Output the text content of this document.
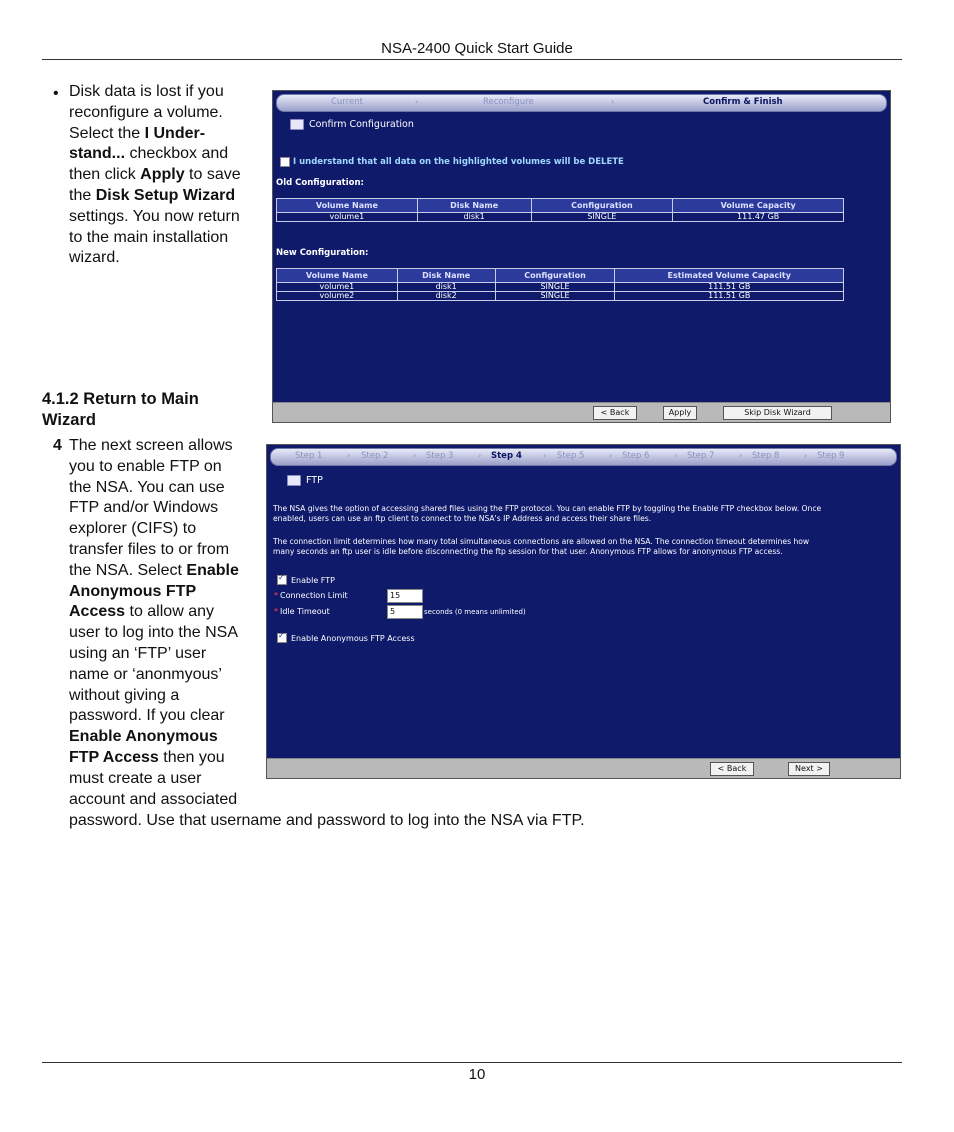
NSA-2400 Quick Start Guide
• Disk data is lost if you
reconfigure a volume.
Select the I Under-
stand... checkbox and
then click Apply to save
the Disk Setup Wizard
settings. You now return
to the main installation
wizard.
4.1.2 Return to Main
Wizard
4 The next screen allows
you to enable FTP on
the NSA. You can use
FTP and/or Windows
explorer (CIFS) to
transfer files to or from
the NSA. Select Enable
Anonymous FTP
Access to allow any
user to log into the NSA
using an ‘FTP’ user
name or ‘anonmyous’
without giving a
password. If you clear
Enable Anonymous
FTP Access then you
must create a user
account and associated
password. Use that username and password to log into the NSA via FTP.
Current	›	Reconfigure	›	Confirm & Finish
Confirm Configuration
I understand that all data on the highlighted volumes will be DELETE
Old Configuration:
Volume Name	Disk Name	Configuration	Volume Capacity
volume1	disk1	SINGLE	111.47 GB
New Configuration:
Volume Name	Disk Name	Configuration	Estimated Volume Capacity
volume1	disk1	SINGLE	111.51 GB
volume2	disk2	SINGLE	111.51 GB
< Back	Apply	Skip Disk Wizard
Step 1	› Step 2	› Step 3	› Step 4	› Step 5	› Step 6	› Step 7	› Step 8	› Step 9
FTP
The NSA gives the option of accessing shared files using the FTP protocol. You can enable FTP by toggling the Enable FTP checkbox below. Once
enabled, users can use an ftp client to connect to the NSA's IP Address and access their share files.
The connection limit determines how many total simultaneous connections are allowed on the NSA. The connection timeout determines how
many seconds an ftp user is idle before disconnecting the ftp session for that user. Anonymous FTP allows for anonymous FTP access.
✓
Enable FTP
* Connection Limit	15
* Idle Timeout	5	seconds (0 means unlimited)
✓
Enable Anonymous FTP Access
< Back	Next >
10
